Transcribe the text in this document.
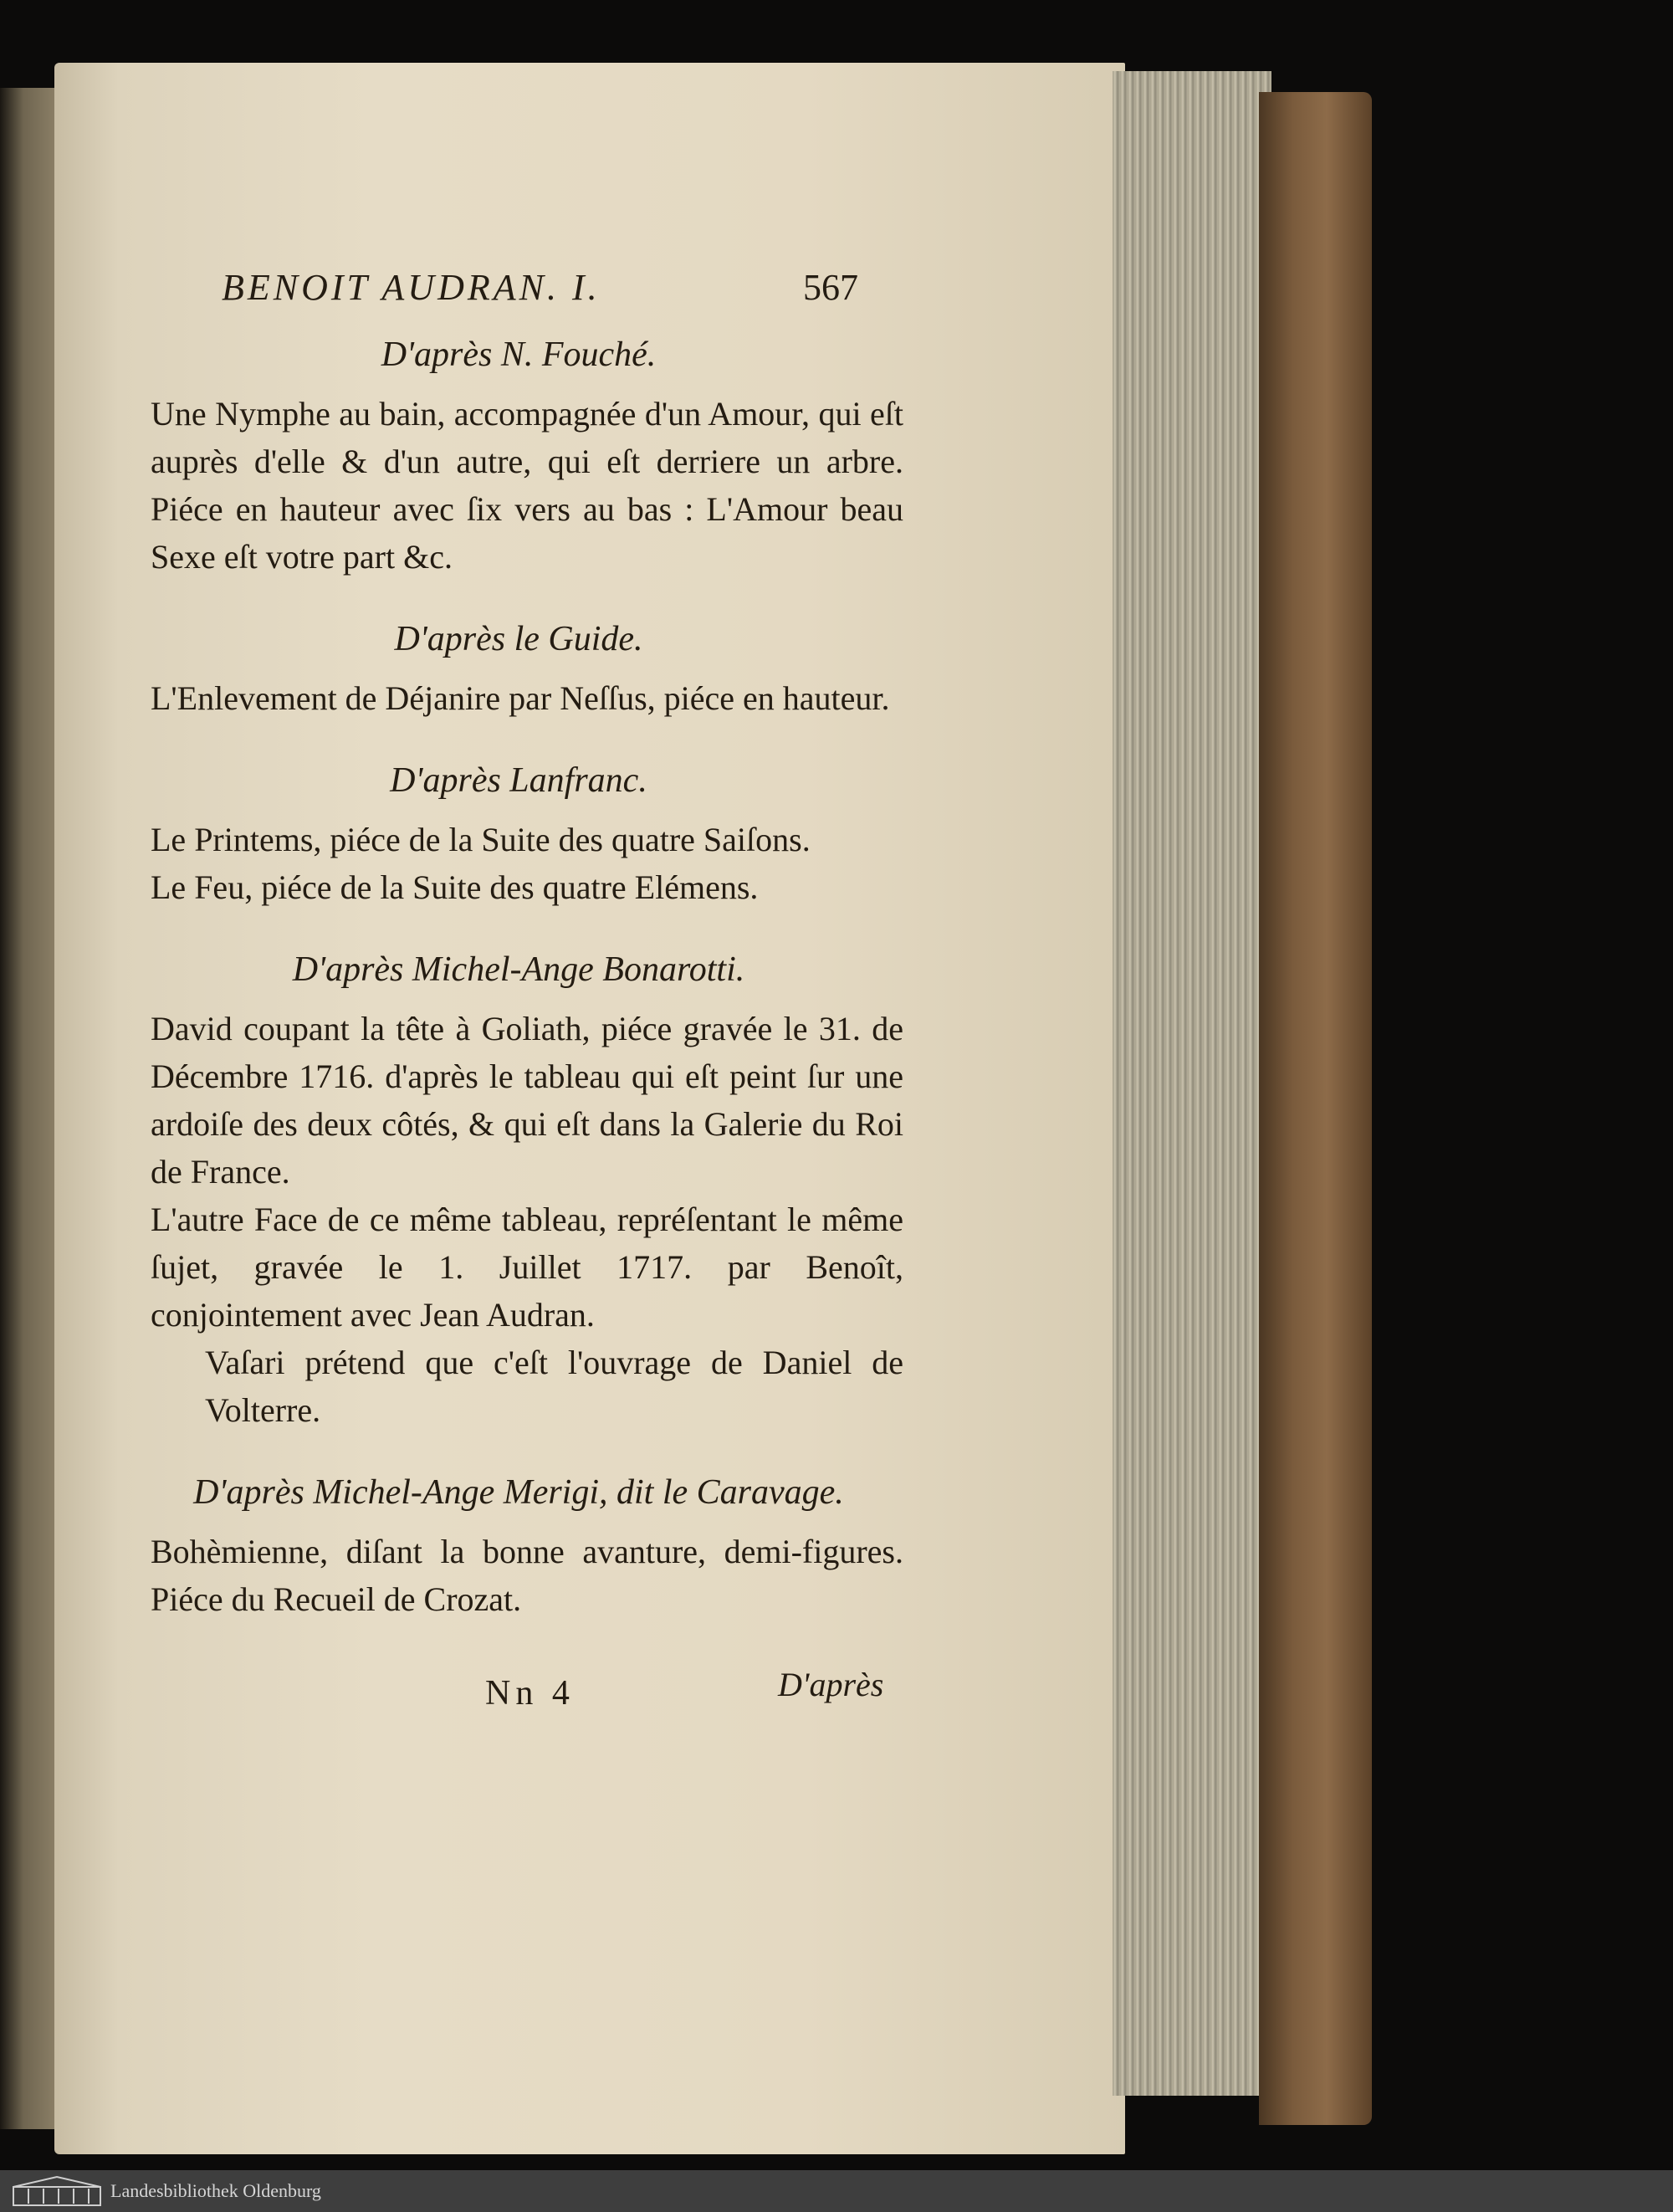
BENOIT AUDRAN. I.	567
D'après N. Fouché.

Une Nymphe au bain, accompagnée d'un Amour, qui eſt auprès d'elle & d'un autre, qui eſt derriere un arbre. Piéce en hauteur avec ſix vers au bas : L'Amour beau Sexe eſt votre part &c.

D'après le Guide.

L'Enlevement de Déjanire par Neſſus, piéce en hauteur.

D'après Lanfranc.

Le Printems, piéce de la Suite des quatre Saiſons.

Le Feu, piéce de la Suite des quatre Elémens.

D'après Michel-Ange Bonarotti.

David coupant la tête à Goliath, piéce gravée le 31. de Décembre 1716. d'après le tableau qui eſt peint ſur une ardoiſe des deux côtés, & qui eſt dans la Galerie du Roi de France.

L'autre Face de ce même tableau, repréſentant le même ſujet, gravée le 1. Juillet 1717. par Benoît, conjointement avec Jean Audran.

Vaſari prétend que c'eſt l'ouvrage de Daniel de Volterre.

D'après Michel-Ange Merigi, dit le Caravage.

Bohèmienne, diſant la bonne avanture, demi-figures. Piéce du Recueil de Crozat.

Nn 4	D'après
Landesbibliothek Oldenburg
